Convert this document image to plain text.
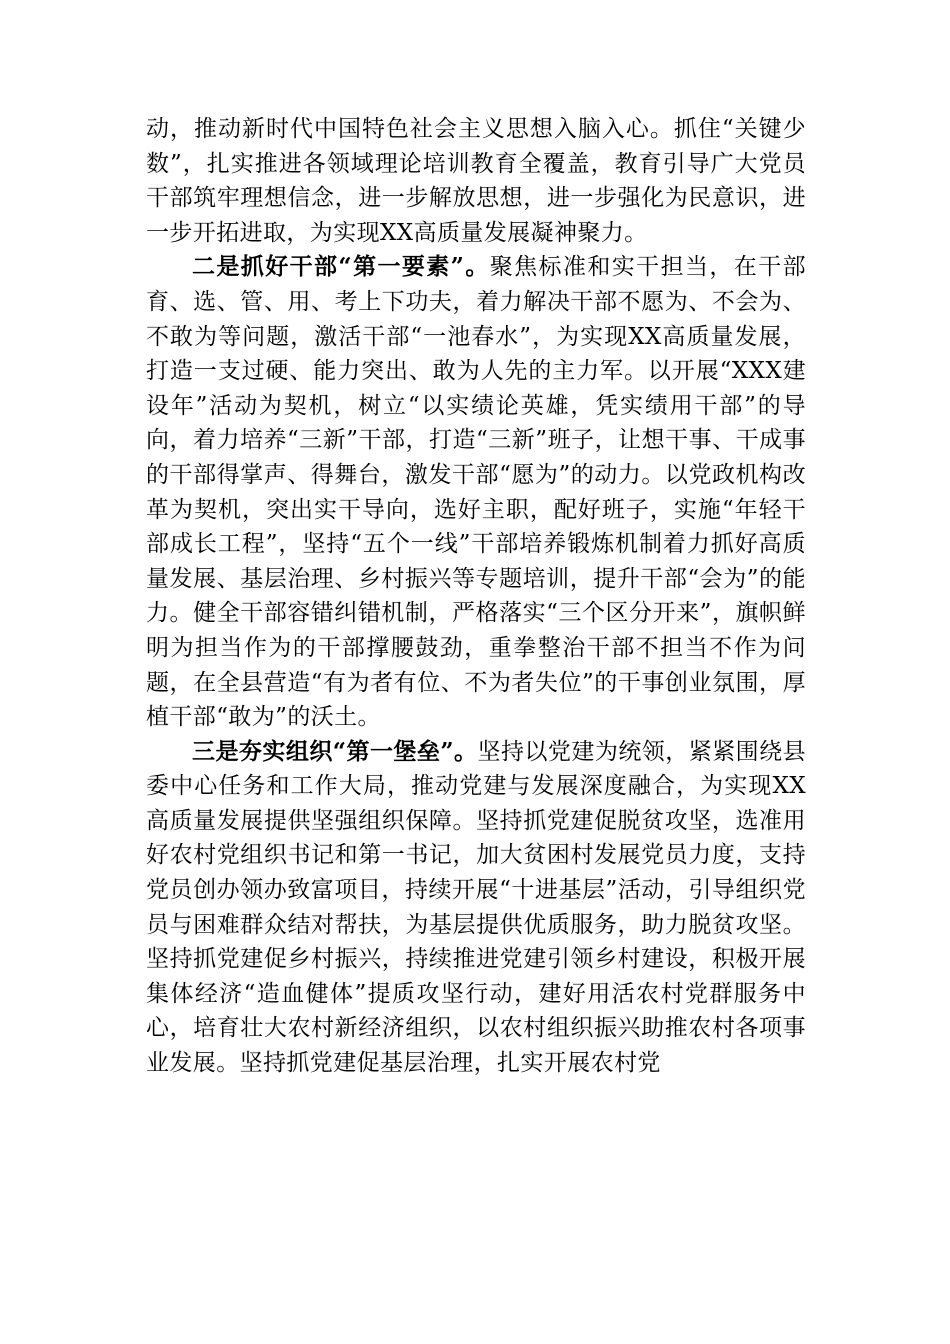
动，推动新时代中国特色社会主义思想入脑入心。抓住“关键少数”，扎实推进各领域理论培训教育全覆盖，教育引导广大党员干部筑牢理想信念，进一步解放思想，进一步强化为民意识，进一步开拓进取，为实现XX高质量发展凝神聚力。

二是抓好干部“第一要素”。聚焦标准和实干担当，在干部育、选、管、用、考上下功夫，着力解决干部不愿为、不会为、不敢为等问题，激活干部“一池春水”，为实现XX高质量发展，打造一支过硬、能力突出、敢为人先的主力军。以开展“XXX建设年”活动为契机，树立“以实绩论英雄，凭实绩用干部”的导向，着力培养“三新”干部，打造“三新”班子，让想干事、干成事的干部得掌声、得舞台，激发干部“愿为”的动力。以党政机构改革为契机，突出实干导向，选好主职，配好班子，实施“年轻干部成长工程”，坚持“五个一线”干部培养锻炼机制着力抓好高质量发展、基层治理、乡村振兴等专题培训，提升干部“会为”的能力。健全干部容错纠错机制，严格落实“三个区分开来”，旗帜鲜明为担当作为的干部撑腰鼓劲，重拳整治干部不担当不作为问题，在全县营造“有为者有位、不为者失位”的干事创业氛围，厚植干部“敢为”的沃土。

三是夯实组织“第一堡垒”。坚持以党建为统领，紧紧围绕县委中心任务和工作大局，推动党建与发展深度融合，为实现XX高质量发展提供坚强组织保障。坚持抓党建促脱贫攻坚，选准用好农村党组织书记和第一书记，加大贫困村发展党员力度，支持党员创办领办致富项目，持续开展“十进基层”活动，引导组织党员与困难群众结对帮扶，为基层提供优质服务，助力脱贫攻坚。坚持抓党建促乡村振兴，持续推进党建引领乡村建设，积极开展集体经济“造血健体”提质攻坚行动，建好用活农村党群服务中心，培育壮大农村新经济组织，以农村组织振兴助推农村各项事业发展。坚持抓党建促基层治理，扎实开展农村党
